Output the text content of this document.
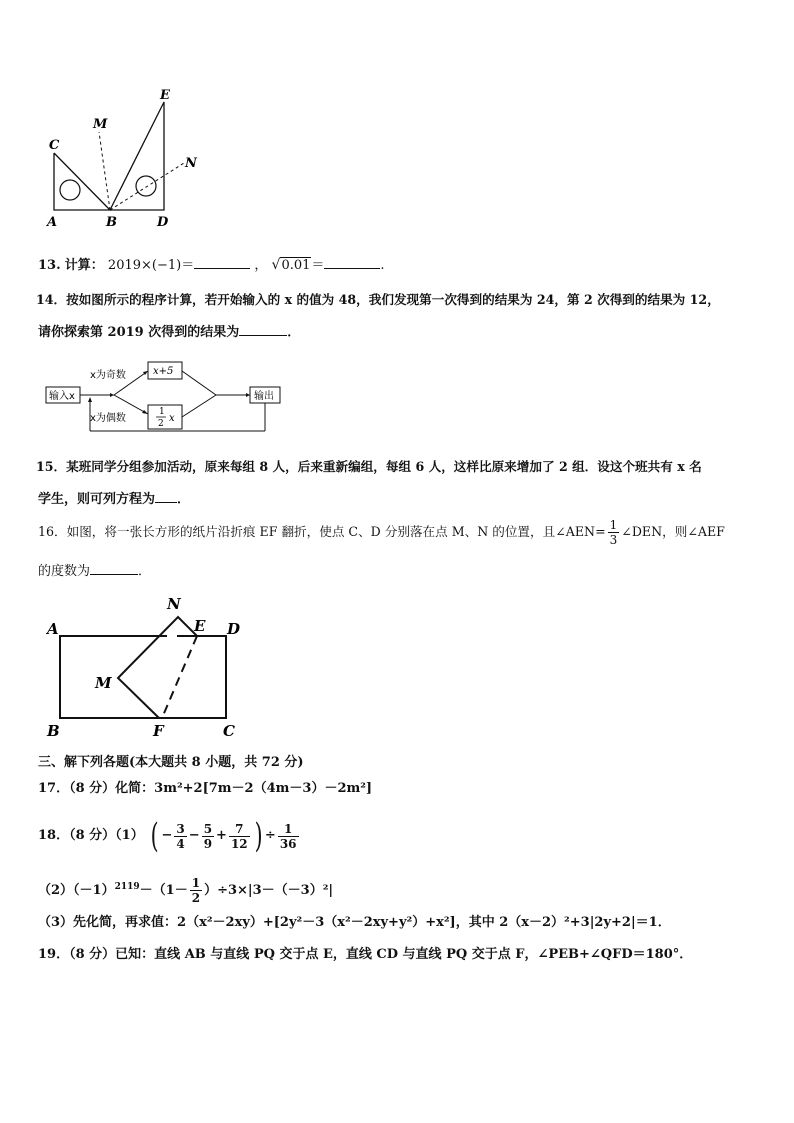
C
M
E
N
A	B	D
13. 计算： 2019×(−1)＝	， √0.01＝	.
14．按如图所示的程序计算，若开始输入的 x 的值为 48，我们发现第一次得到的结果为 24，第 2 次得到的结果为 12，
请你探索第 2019 次得到的结果为	．
输入x
x为奇数
x为偶数
x+5
1
2 x
输出
15．某班同学分组参加活动，原来每组 8 人，后来重新编组，每组 6 人，这样比原来增加了 2 组．设这个班共有 x 名
学生，则可列方程为 ．
16．如图，将一张长方形的纸片沿折痕 EF 翻折，使点 C、D 分别落在点 M、N 的位置，且∠AEN= $\frac{1}{3}$ ∠DEN，则∠AEF
的度数为	．
N
A	E D
M
B	F	C
三、解下列各题(本大题共 8 小题，共 72 分)
17．（8 分）化简：3m²+2[7m－2（4m－3）－2m²]
18．（8 分）（1） ( − $\frac{3}{4} - \frac{5}{9} + \frac{7}{12}$ ) ÷ $\frac{1}{36}$
$(2)(-1)^{2119}-(1- \frac{1}{2} )\div 3\times|3-(-3)^2|$
（3）先化简，再求值：2（x²－2xy）+[2y²－3（x²－2xy+y²）+x²]，其中 2（x－2）²+3|2y+2|＝1．
19．（8 分）已知：直线 AB 与直线 PQ 交于点 E，直线 CD 与直线 PQ 交于点 F，∠PEB+∠QFD＝180°．
